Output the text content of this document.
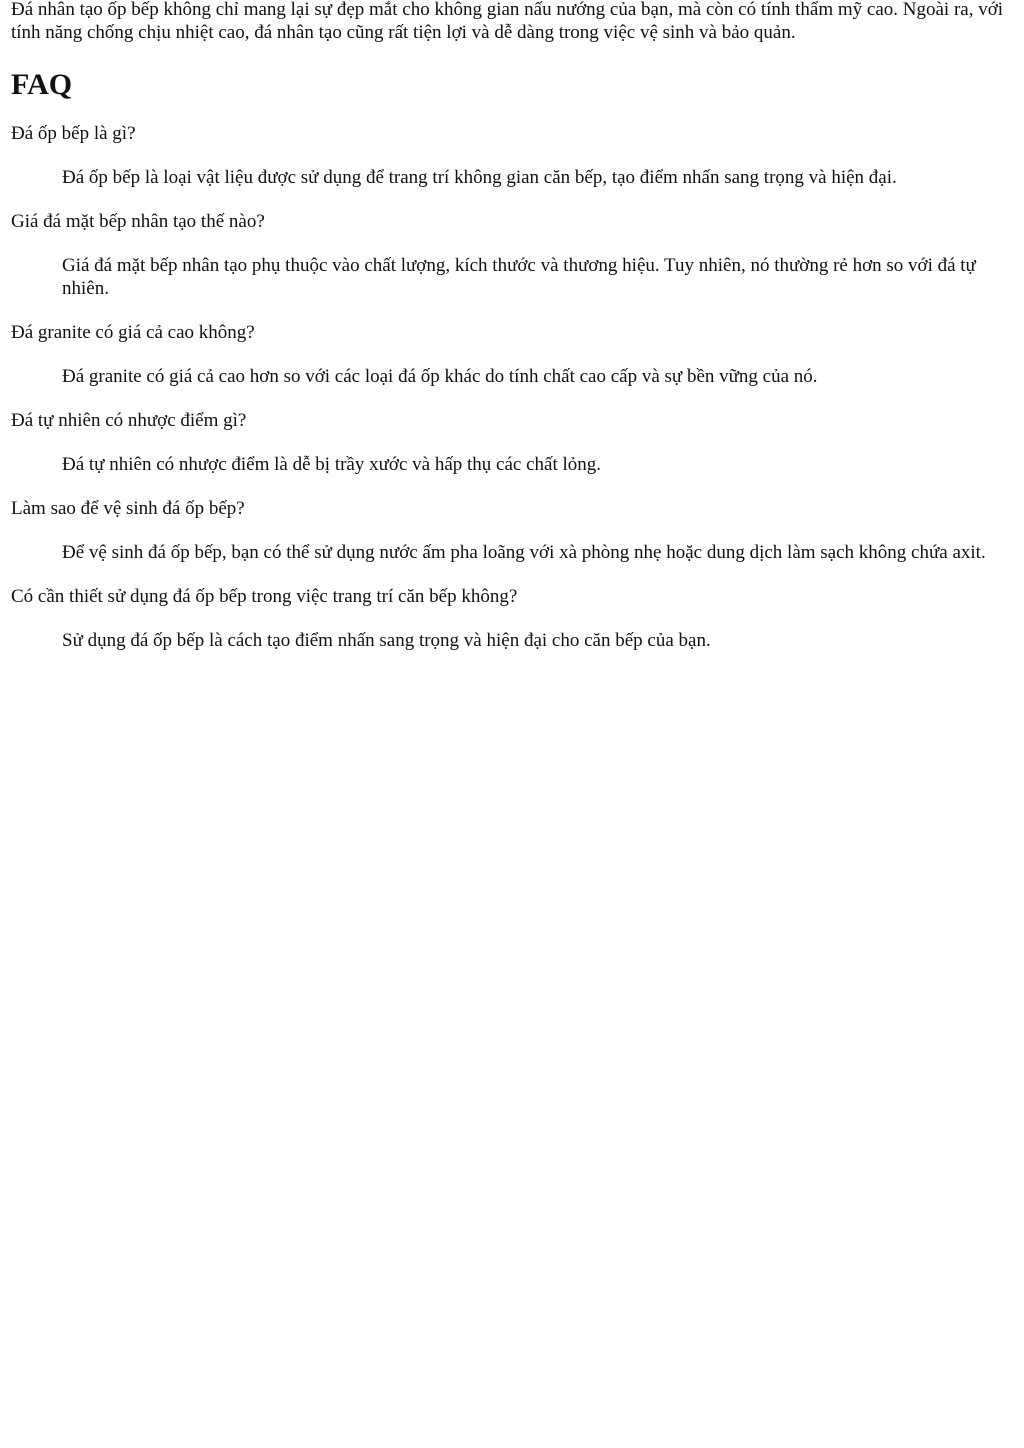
Đá nhân tạo ốp bếp không chỉ mang lại sự đẹp mắt cho không gian nấu nướng của bạn, mà còn có tính thẩm mỹ cao. Ngoài ra, với tính năng chống chịu nhiệt cao, đá nhân tạo cũng rất tiện lợi và dễ dàng trong việc vệ sinh và bảo quản.

FAQ
Đá ốp bếp là gì?
Đá ốp bếp là loại vật liệu được sử dụng để trang trí không gian căn bếp, tạo điểm nhấn sang trọng và hiện đại.
Giá đá mặt bếp nhân tạo thế nào?
Giá đá mặt bếp nhân tạo phụ thuộc vào chất lượng, kích thước và thương hiệu. Tuy nhiên, nó thường rẻ hơn so với đá tự nhiên.
Đá granite có giá cả cao không?
Đá granite có giá cả cao hơn so với các loại đá ốp khác do tính chất cao cấp và sự bền vững của nó.
Đá tự nhiên có nhược điểm gì?
Đá tự nhiên có nhược điểm là dễ bị trầy xước và hấp thụ các chất lỏng.
Làm sao để vệ sinh đá ốp bếp?
Để vệ sinh đá ốp bếp, bạn có thể sử dụng nước ấm pha loãng với xà phòng nhẹ hoặc dung dịch làm sạch không chứa axit.
Có cần thiết sử dụng đá ốp bếp trong việc trang trí căn bếp không?
Sử dụng đá ốp bếp là cách tạo điểm nhấn sang trọng và hiện đại cho căn bếp của bạn.
